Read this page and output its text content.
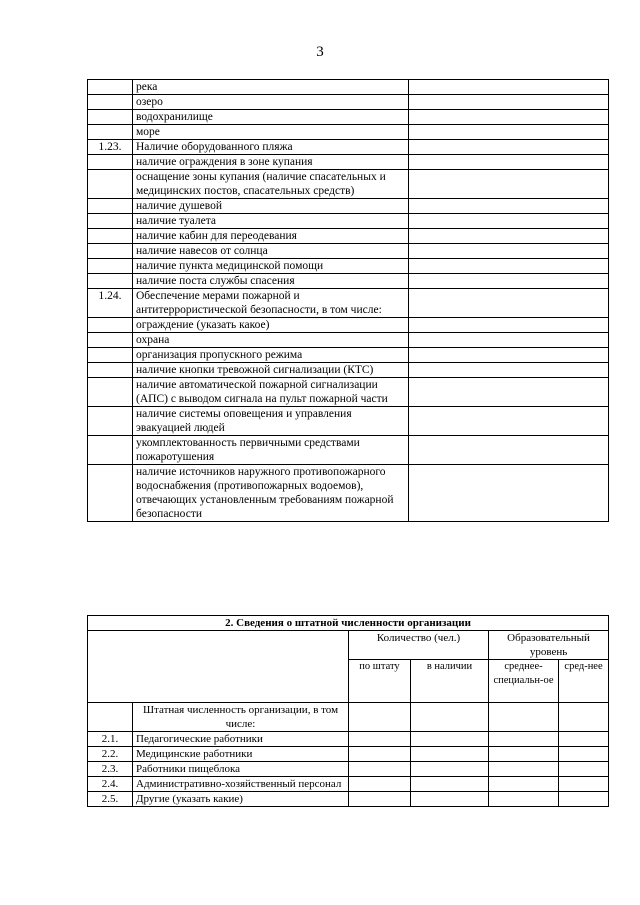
3
	река	
	озеро	
	водохранилище	
	море	
1.23.	Наличие оборудованного пляжа	
	наличие ограждения в зоне купания	
	оснащение зоны купания (наличие спасательных и медицинских постов, спасательных средств)	
	наличие душевой	
	наличие туалета	
	наличие кабин для переодевания	
	наличие навесов от солнца	
	наличие пункта медицинской помощи	
	наличие поста службы спасения	
1.24.	Обеспечение мерами пожарной и антитеррористической безопасности, в том числе:	
	ограждение (указать какое)	
	охрана	
	организация пропускного режима	
	наличие кнопки тревожной сигнализации (КТС)	
	наличие автоматической пожарной сигнализации (АПС) с выводом сигнала на пульт пожарной части	
	наличие системы оповещения и управления эвакуацией людей	
	укомплектованность первичными средствами пожаротушения	
	наличие источников наружного противопожарного водоснабжения (противопожарных водоемов), отвечающих установленным требованиям пожарной безопасности	
2. Сведения о штатной численности организации					
		Количество (чел.)		Образовательный уровень	
		по штату	в наличии	среднее-специальн-ое	сред-нее
	Штатная численность организации, в том числе:				
2.1.	Педагогические работники				
2.2.	Медицинские работники				
2.3.	Работники пищеблока				
2.4.	Административно-хозяйственный персонал				
2.5.	Другие (указать какие)				
